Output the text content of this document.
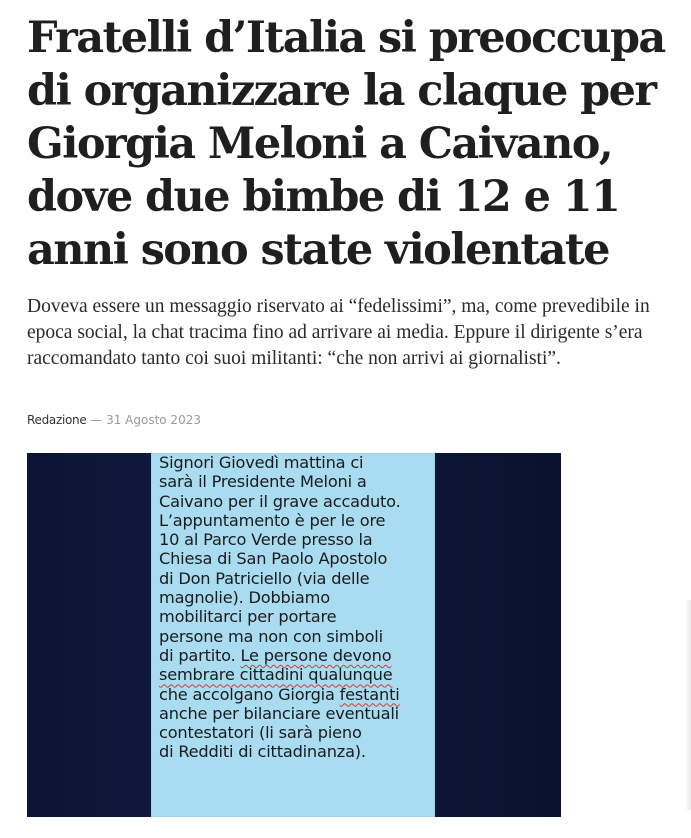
Fratelli d’Italia si preoccupa di organizzare la claque per Giorgia Meloni a Caivano, dove due bimbe di 12 e 11 anni sono state violentate

Doveva essere un messaggio riservato ai “fedelissimi”, ma, come prevedibile in epoca social, la chat tracima fino ad arrivare ai media. Eppure il dirigente s’era raccomandato tanto coi suoi militanti: “che non arrivi ai giornalisti”.

Redazione — 31 Agosto 2023

Signori Giovedì mattina ci
sarà il Presidente Meloni a
Caivano per il grave accaduto.
L’appuntamento è per le ore
10 al Parco Verde presso la
Chiesa di San Paolo Apostolo
di Don Patriciello (via delle
magnolie). Dobbiamo
mobilitarci per portare
persone ma non con simboli
di partito. Le persone devono
sembrare cittadini qualunque
che accolgano Giorgia festanti
anche per bilanciare eventuali
contestatori (li sarà pieno
di Redditi di cittadinanza).
